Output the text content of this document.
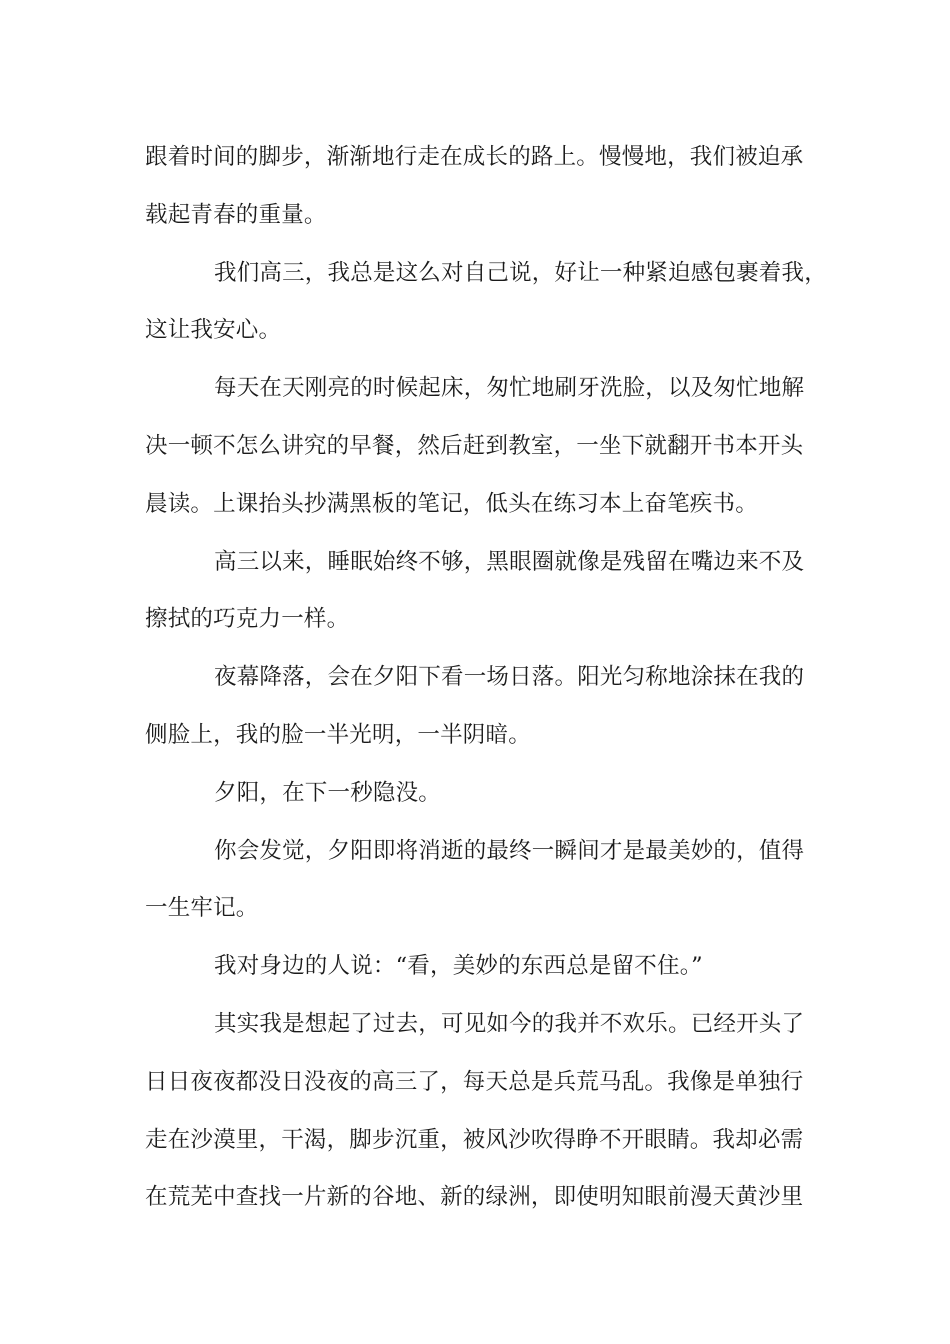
跟着时间的脚步，渐渐地行走在成长的路上。慢慢地，我们被迫承
载起青春的重量。

我们高三，我总是这么对自己说，好让一种紧迫感包裹着我，
这让我安心。

每天在天刚亮的时候起床，匆忙地刷牙洗脸，以及匆忙地解
决一顿不怎么讲究的早餐，然后赶到教室，一坐下就翻开书本开头
晨读。上课抬头抄满黑板的笔记，低头在练习本上奋笔疾书。

高三以来，睡眠始终不够，黑眼圈就像是残留在嘴边来不及
擦拭的巧克力一样。

夜幕降落，会在夕阳下看一场日落。阳光匀称地涂抹在我的
侧脸上，我的脸一半光明，一半阴暗。

夕阳，在下一秒隐没。

你会发觉，夕阳即将消逝的最终一瞬间才是最美妙的，值得
一生牢记。

我对身边的人说：“看，美妙的东西总是留不住。”

其实我是想起了过去，可见如今的我并不欢乐。已经开头了
日日夜夜都没日没夜的高三了，每天总是兵荒马乱。我像是单独行
走在沙漠里，干渴，脚步沉重，被风沙吹得睁不开眼睛。我却必需
在荒芜中查找一片新的谷地、新的绿洲，即使明知眼前漫天黄沙里
